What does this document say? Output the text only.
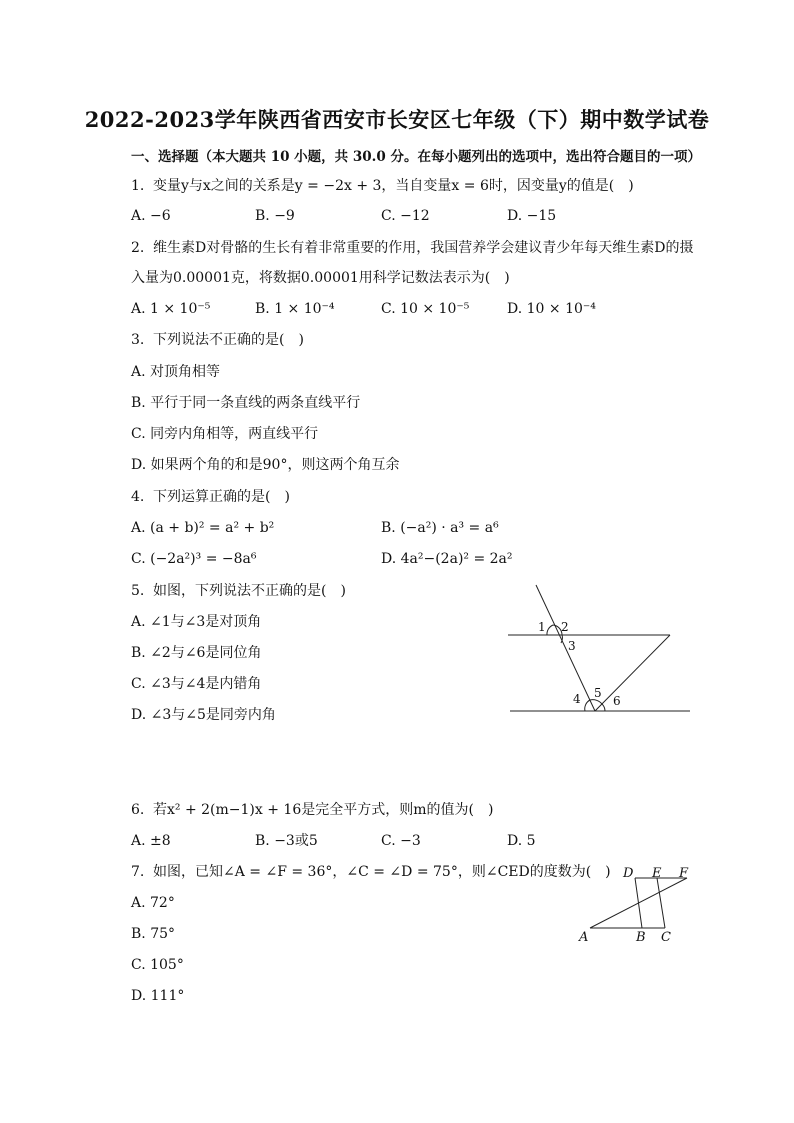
2022-2023学年陕西省西安市长安区七年级（下）期中数学试卷
一、选择题（本大题共 10 小题，共 30.0 分。在每小题列出的选项中，选出符合题目的一项）
1. 变量y与x之间的关系是y = −2x + 3，当自变量x = 6时，因变量y的值是(　)
A. −6	B. −9	C. −12	D. −15
2. 维生素D对骨骼的生长有着非常重要的作用，我国营养学会建议青少年每天维生素D的摄
入量为0.00001克，将数据0.00001用科学记数法表示为(　)
A. 1 × 10⁻⁵	B. 1 × 10⁻⁴	C. 10 × 10⁻⁵	D. 10 × 10⁻⁴
3. 下列说法不正确的是(　)
A. 对顶角相等
B. 平行于同一条直线的两条直线平行
C. 同旁内角相等，两直线平行
D. 如果两个角的和是90°，则这两个角互余
4. 下列运算正确的是(　)
A. (a + b)² = a² + b²	B. (−a²) · a³ = a⁶
C. (−2a²)³ = −8a⁶	D. 4a²−(2a)² = 2a²
5. 如图，下列说法不正确的是(　)
A. ∠1与∠3是对顶角
B. ∠2与∠6是同位角
C. ∠3与∠4是内错角
D. ∠3与∠5是同旁内角
1 2
3
4 5
6
6. 若x² + 2(m−1)x + 16是完全平方式，则m的值为(　)
A. ±8	B. −3或5	C. −3	D. 5
7. 如图，已知∠A = ∠F = 36°，∠C = ∠D = 75°，则∠CED的度数为(　)
A. 72°
B. 75°
C. 105°
D. 111°
D E F
A	B C
